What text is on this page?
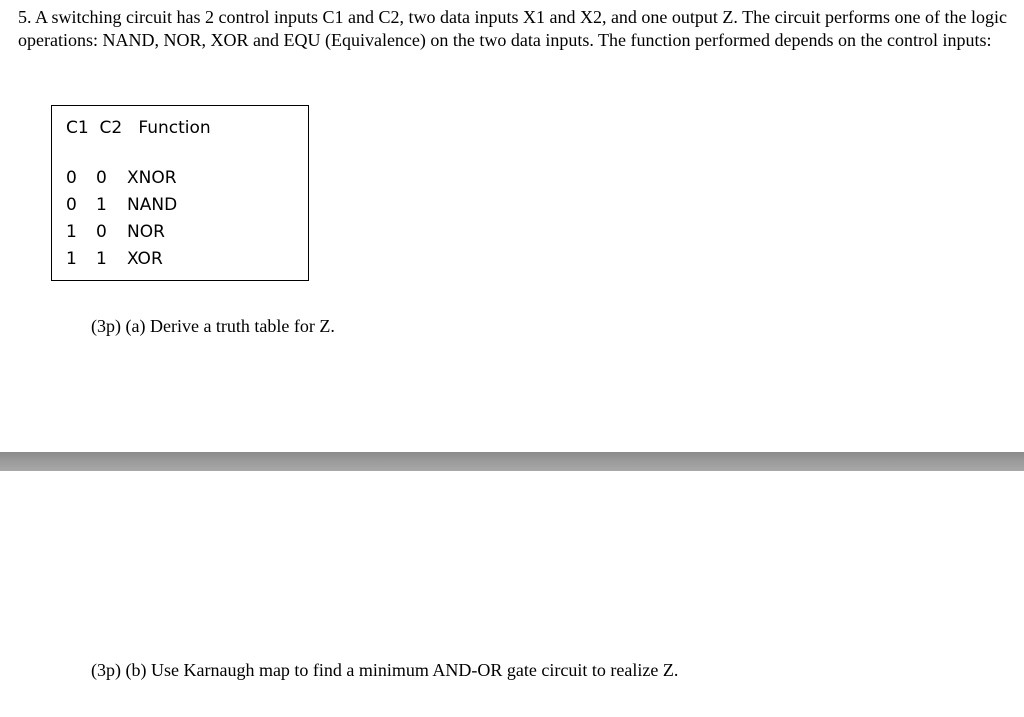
5. A switching circuit has 2 control inputs C1 and C2, two data inputs X1 and X2, and one output Z. The circuit performs one of the logic operations: NAND, NOR, XOR and EQU (Equivalence) on the two data inputs. The function performed depends on the control inputs:

C1  C2   Function
0 0 XNOR
0 1 NAND
1 0 NOR
1 1 XOR

(3p) (a) Derive a truth table for Z.

(3p) (b) Use Karnaugh map to find a minimum AND-OR gate circuit to realize Z.
